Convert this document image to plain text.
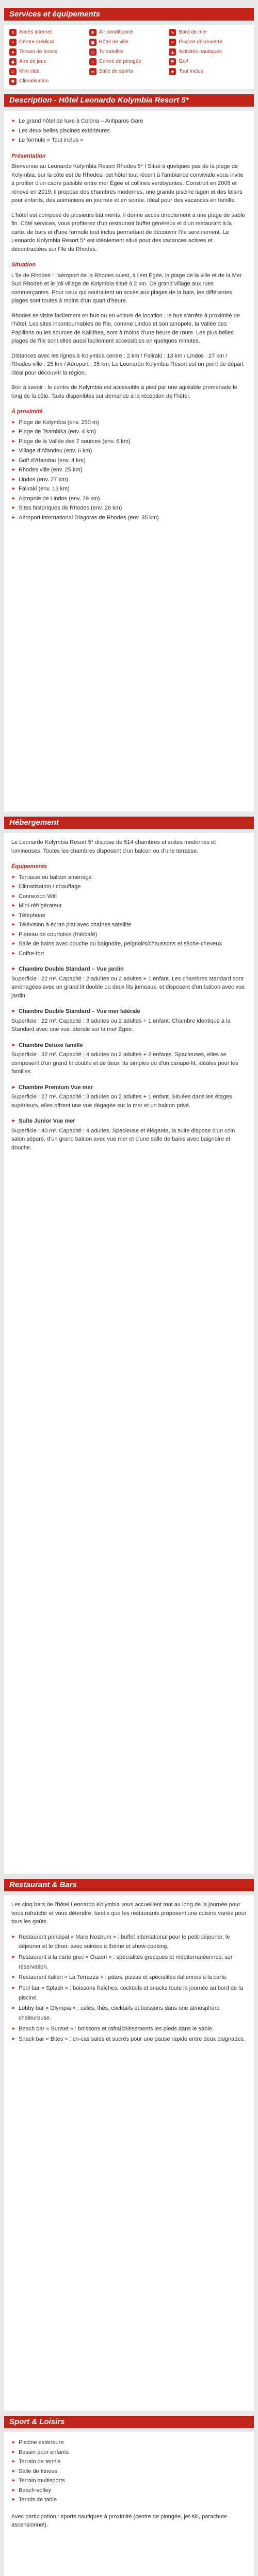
Services et équipements
≡ Accès internet	❄ Air conditionné	∿ Bord de mer
+ Centre médical	▣ Hôtel de ville	≈ Piscine découverte
● Terrain de tennis	▭ Tv satellite	▲ Activités nautiques
◆ Aire de jeux	○ Centre de plongée	⚑ Golf
☺ Mini club	═ Salle de sports	★ Tout inclus
✱ Climatisation
Description - Hôtel Leonardo Kolymbia Resort 5*
▸ Le grand hôtel de luxe à Colona – Antiparos Gare
▸ Les deux belles piscines extérieures
▸ Le formule « Tout inclus »
Présentation

Bienvenue au Leonardo Kolymbia Resort Rhodes 5* ! Situé à quelques pas de la plage de Kolymbia, sur la côte est de Rhodes, cet hôtel tout récent à l'ambiance conviviale vous invite à profiter d'un cadre paisible entre mer Égée et collines verdoyantes. Construit en 2008 et rénové en 2019, il propose des chambres modernes, une grande piscine lagon et des loisirs pour enfants, des animations en journée et en soirée. Idéal pour des vacances en famille.

L'hôtel est composé de plusieurs bâtiments, il donne accès directement à une plage de sable fin. Côté services, vous profiterez d'un restaurant buffet généreux et d'un restaurant à la carte, de bars et d'une formule tout inclus permettant de découvrir l'île sereinement. Le Leonardo Kolymbia Resort 5* est idéalement situé pour des vacances actives et décontractées sur l'île de Rhodes.

Situation

L'île de Rhodes : l'aéroport de la Rhodes ouest, à l'est Égée, la plage de la ville et de la Mer Sud Rhodes et le joli village de Kolymbia situé à 2 km. Ce grand village aux rues commerçantes. Pour ceux qui souhaitent un accès aux plages de la baie, les différentes plages sont toutes à moins d'un quart d'heure.

Rhodes se visite facilement en bus ou en voiture de location ; le bus s'arrête à proximité de l'hôtel. Les sites incontournables de l'île, comme Lindos et son acropole, la Vallée des Papillons ou les sources de Kallithea, sont à moins d'une heure de route. Les plus belles plages de l'île sont elles aussi facilement accessibles en quelques minutes.

Distances avec les lignes à Kolymbia centre : 2 km / Faliraki : 13 km / Lindos : 27 km / Rhodes ville : 25 km / Aéroport : 35 km. Le Leonardo Kolymbia Resort est un point de départ idéal pour découvrir la région.

Bon à savoir : le centre de Kolymbia est accessible à pied par une agréable promenade le long de la côte. Taxis disponibles sur demande à la réception de l'hôtel.

À proximité
▸ Plage de Kolymbia (env. 250 m)
▸ Plage de Tsambika (env. 4 km)
▸ Plage de la Vallée des 7 sources (env. 6 km)
▸ Village d'Afandou (env. 6 km)
▸ Golf d'Afandou (env. 4 km)
▸ Rhodes ville (env. 25 km)
▸ Lindos (env. 27 km)
▸ Faliraki (env. 13 km)
▸ Acropole de Lindos (env. 29 km)
▸ Sites historiques de Rhodes (env. 26 km)
▸ Aéroport international Diagoras de Rhodes (env. 35 km)
Hébergement

Le Leonardo Kolymbia Resort 5* dispose de 514 chambres et suites modernes et lumineuses. Toutes les chambres disposent d'un balcon ou d'une terrasse.

Équipements
▸ Terrasse ou balcon aménagé
▸ Climatisation / chauffage
▸ Connexion Wifi
▸ Mini-réfrigérateur
▸ Téléphone
▸ Télévision à écran plat avec chaînes satellite
▸ Plateau de courtoisie (thé/café)
▸ Salle de bains avec douche ou baignoire, peignoirs/chaussons et sèche-cheveux
▸ Coffre-fort
▸ Chambre Double Standard – Vue jardin

Superficie : 22 m². Capacité : 2 adultes ou 2 adultes + 1 enfant. Les chambres standard sont aménagées avec un grand lit double ou deux lits jumeaux, et disposent d'un balcon avec vue jardin.

▸ Chambre Double Standard – Vue mer latérale

Superficie : 22 m². Capacité : 3 adultes ou 2 adultes + 1 enfant. Chambre identique à la Standard avec une vue latérale sur la mer Égée.

▸ Chambre Deluxe famille

Superficie : 32 m². Capacité : 4 adultes ou 2 adultes + 2 enfants. Spacieuses, elles se composent d'un grand lit double et de deux lits simples ou d'un canapé-lit, idéales pour les familles.

▸ Chambre Premium Vue mer

Superficie : 27 m². Capacité : 3 adultes ou 2 adultes + 1 enfant. Situées dans les étages supérieurs, elles offrent une vue dégagée sur la mer et un balcon privé.

▸ Suite Junior Vue mer

Superficie : 40 m². Capacité : 4 adultes. Spacieuse et élégante, la suite dispose d'un coin salon séparé, d'un grand balcon avec vue mer et d'une salle de bains avec baignoire et douche.

Restaurant & Bars

Les cinq bars de l'hôtel Leonardo Kolymbia vous accueillent tout au long de la journée pour vous rafraîchir et vous détendre, tandis que les restaurants proposent une cuisine variée pour tous les goûts.

▸ Restaurant principal « Mare Nostrum » : buffet international pour le petit-déjeuner, le déjeuner et le dîner, avec soirées à thème et show-cooking.
▸ Restaurant à la carte grec « Ouzeri » : spécialités grecques et méditerranéennes, sur réservation.
▸ Restaurant italien « La Terrazza » : pâtes, pizzas et spécialités italiennes à la carte.
▸ Pool bar « Splash » : boissons fraîches, cocktails et snacks toute la journée au bord de la piscine.
▸ Lobby bar « Olympia » : cafés, thés, cocktails et boissons dans une atmosphère chaleureuse.
▸ Beach bar « Sunset » : boissons et rafraîchissements les pieds dans le sable.
▸ Snack bar « Bites » : en-cas salés et sucrés pour une pause rapide entre deux baignades.
Sport & Loisirs
▸ Piscine extérieure
▸ Bassin pour enfants
▸ Terrain de tennis
▸ Salle de fitness
▸ Terrain multisports
▸ Beach-volley
▸ Tennis de table

Avec participation : sports nautiques à proximité (centre de plongée, jet-ski, parachute ascensionnel).
